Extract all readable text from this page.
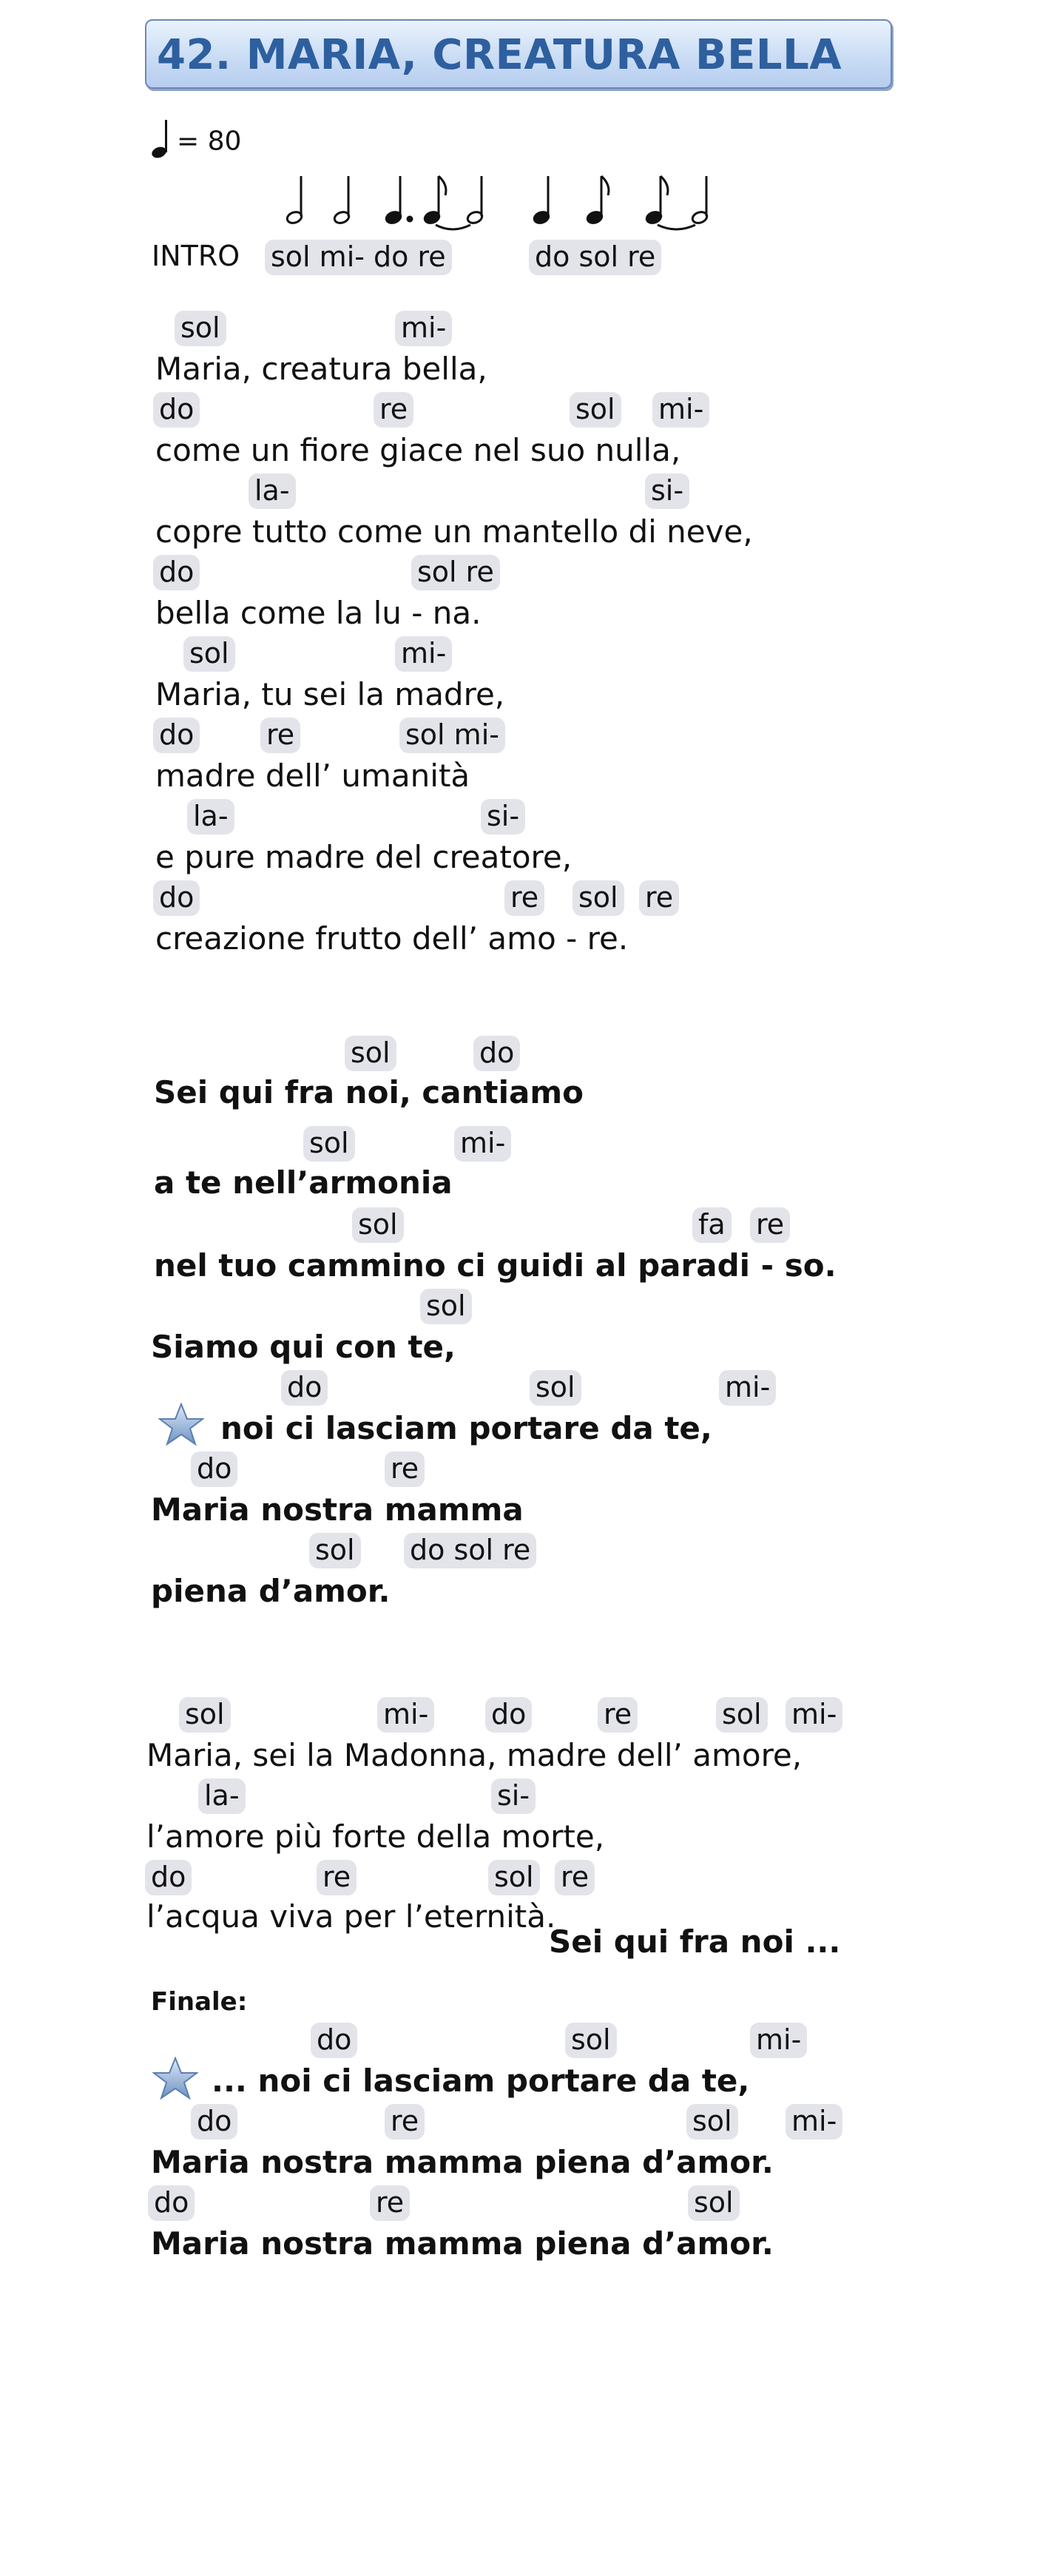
42. MARIA, CREATURA BELLA
= 80
INTRO sol mi- do re	do sol re
sol	mi-
Maria, creatura bella,
do	re	sol mi-
come un fiore giace nel suo nulla,
la-	si-
copre tutto come un mantello di neve,
do	sol re
bella come la lu - na.
sol	mi-
Maria, tu sei la madre,
do	re	sol mi-
madre dell’ umanità
la-	si-
e pure madre del creatore,
do	re sol re
creazione frutto dell’ amo - re.
sol	do
Sei qui fra noi, cantiamo
sol	mi-
a te nell’armonia
sol	fa re
nel tuo cammino ci guidi al paradi - so.
sol
Siamo qui con te,
do	sol	mi-
noi ci lasciam portare da te,
do	re
Maria nostra mamma
sol do sol re
piena d’amor.
sol	mi- do	re	sol mi-
Maria, sei la Madonna, madre dell’ amore,
la-	si-
l’amore più forte della morte,
do	re	sol re
l’acqua viva per l’eternità.
Sei qui fra noi ...
Finale:
do	sol	mi-
... noi ci lasciam portare da te,
do	re	sol mi-
Maria nostra mamma piena d’amor.
do	re	sol
Maria nostra mamma piena d’amor.
